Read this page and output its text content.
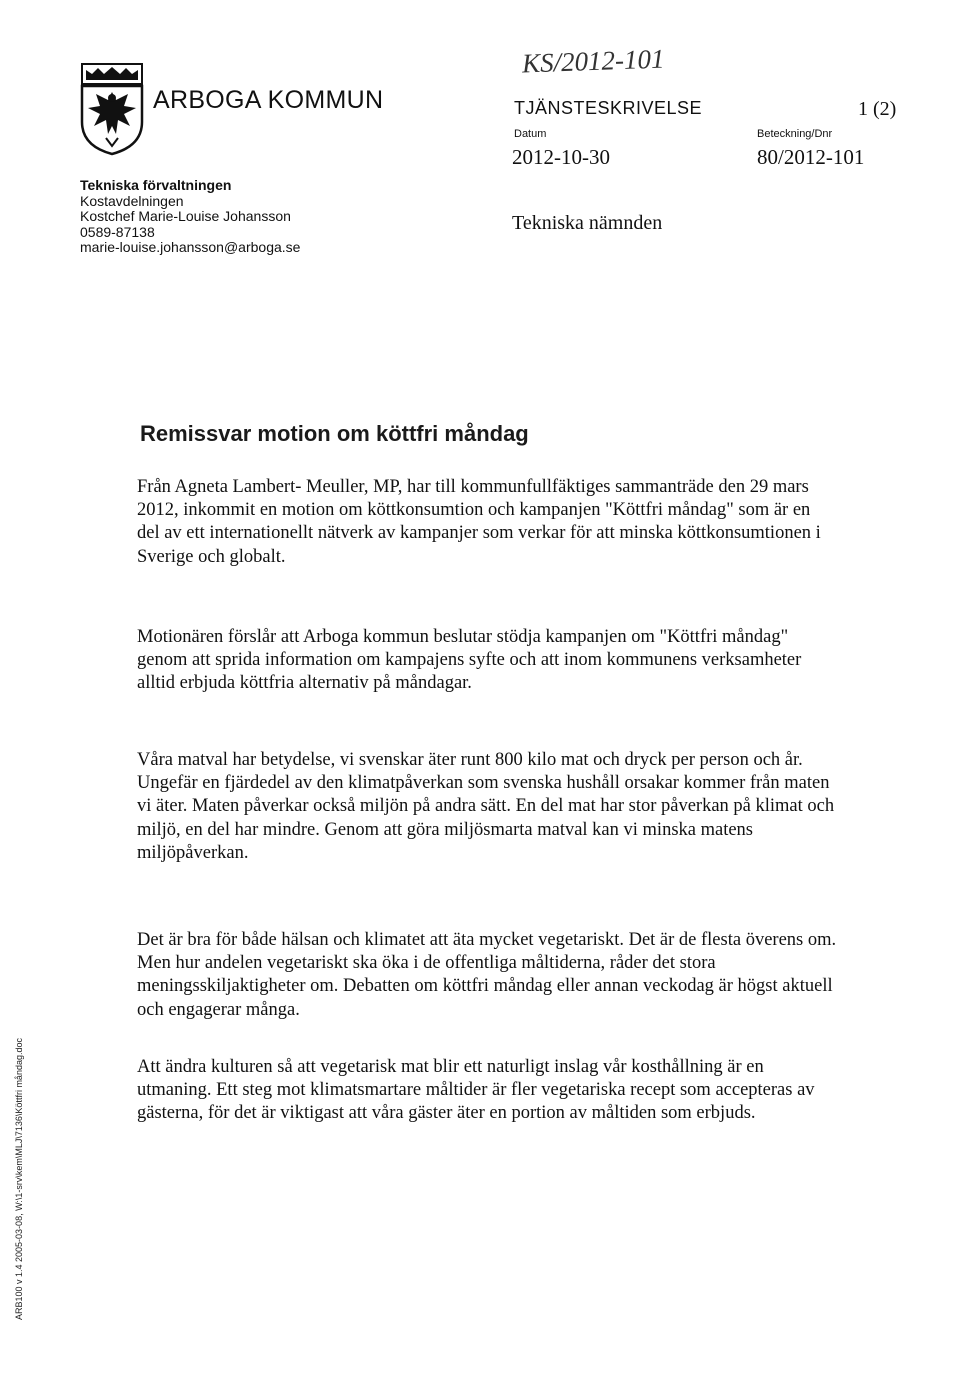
ARBOGA KOMMUN
KS/2012-101
TJÄNSTESKRIVELSE	1 (2)
Datum
2012-10-30
Beteckning/Dnr
80/2012-101
Tekniska förvaltningen
Kostavdelningen
Kostchef Marie-Louise Johansson
0589-87138
marie-louise.johansson@arboga.se
Tekniska nämnden
Remissvar motion om köttfri måndag

Från Agneta Lambert- Meuller, MP, har till kommunfullfäktiges sammanträde den 29 mars 2012, inkommit en motion om köttkonsumtion och kampanjen "Köttfri måndag" som är en del av ett internationellt nätverk av kampanjer som verkar för att minska köttkonsumtionen i Sverige och globalt.

Motionären förslår att Arboga kommun beslutar stödja kampanjen om "Köttfri måndag" genom att sprida information om kampajens syfte och att inom kommunens verksamheter alltid erbjuda köttfria alternativ på måndagar.

Våra matval har betydelse, vi svenskar äter runt 800 kilo mat och dryck per person och år. Ungefär en fjärdedel av den klimatpåverkan som svenska hushåll orsakar kommer från maten vi äter. Maten påverkar också miljön på andra sätt. En del mat har stor påverkan på klimat och miljö, en del har mindre. Genom att göra miljösmarta matval kan vi minska matens miljöpåverkan.

Det är bra för både hälsan och klimatet att äta mycket vegetariskt. Det är de flesta överens om. Men hur andelen vegetariskt ska öka i de offentliga måltiderna, råder det stora meningsskiljaktigheter om. Debatten om köttfri måndag eller annan veckodag är högst aktuell och engagerar många.

Att ändra kulturen så att vegetarisk mat blir ett naturligt inslag vår kosthållning är en utmaning. Ett steg mot klimatsmartare måltider är fler vegetariska recept som accepteras av gästerna, för det är viktigast att våra gäster äter en portion av måltiden som erbjuds.

ARB100 v 1.4 2005-03-08, W:\1-srv\kem\MLJ\7136\Köttfri måndag.doc
